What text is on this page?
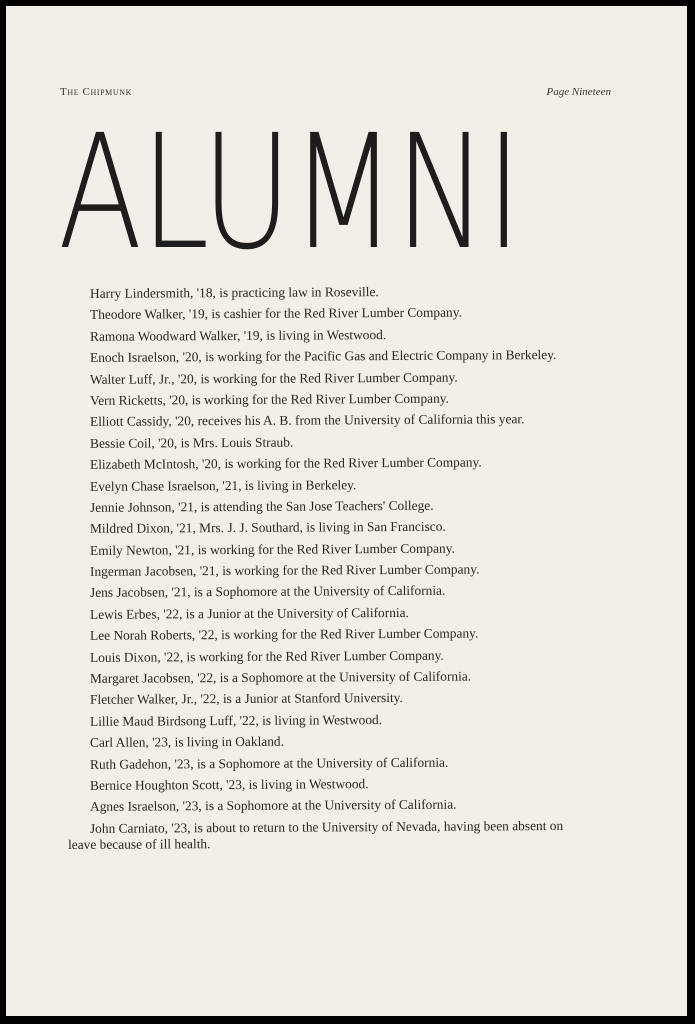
The Chipmunk	Page Nineteen
ALUMNI

Harry Lindersmith, '18, is practicing law in Roseville.

Theodore Walker, '19, is cashier for the Red River Lumber Company.

Ramona Woodward Walker, '19, is living in Westwood.

Enoch Israelson, '20, is working for the Pacific Gas and Electric Company in Berkeley.

Walter Luff, Jr., '20, is working for the Red River Lumber Company.

Vern Ricketts, '20, is working for the Red River Lumber Company.

Elliott Cassidy, '20, receives his A. B. from the University of California this year.

Bessie Coil, '20, is Mrs. Louis Straub.

Elizabeth McIntosh, '20, is working for the Red River Lumber Company.

Evelyn Chase Israelson, '21, is living in Berkeley.

Jennie Johnson, '21, is attending the San Jose Teachers' College.

Mildred Dixon, '21, Mrs. J. J. Southard, is living in San Francisco.

Emily Newton, '21, is working for the Red River Lumber Company.

Ingerman Jacobsen, '21, is working for the Red River Lumber Company.

Jens Jacobsen, '21, is a Sophomore at the University of California.

Lewis Erbes, '22, is a Junior at the University of California.

Lee Norah Roberts, '22, is working for the Red River Lumber Company.

Louis Dixon, '22, is working for the Red River Lumber Company.

Margaret Jacobsen, '22, is a Sophomore at the University of California.

Fletcher Walker, Jr., '22, is a Junior at Stanford University.

Lillie Maud Birdsong Luff, '22, is living in Westwood.

Carl Allen, '23, is living in Oakland.

Ruth Gadehon, '23, is a Sophomore at the University of California.

Bernice Houghton Scott, '23, is living in Westwood.

Agnes Israelson, '23, is a Sophomore at the University of California.

John Carniato, '23, is about to return to the University of Nevada, having been absent on leave because of ill health.
